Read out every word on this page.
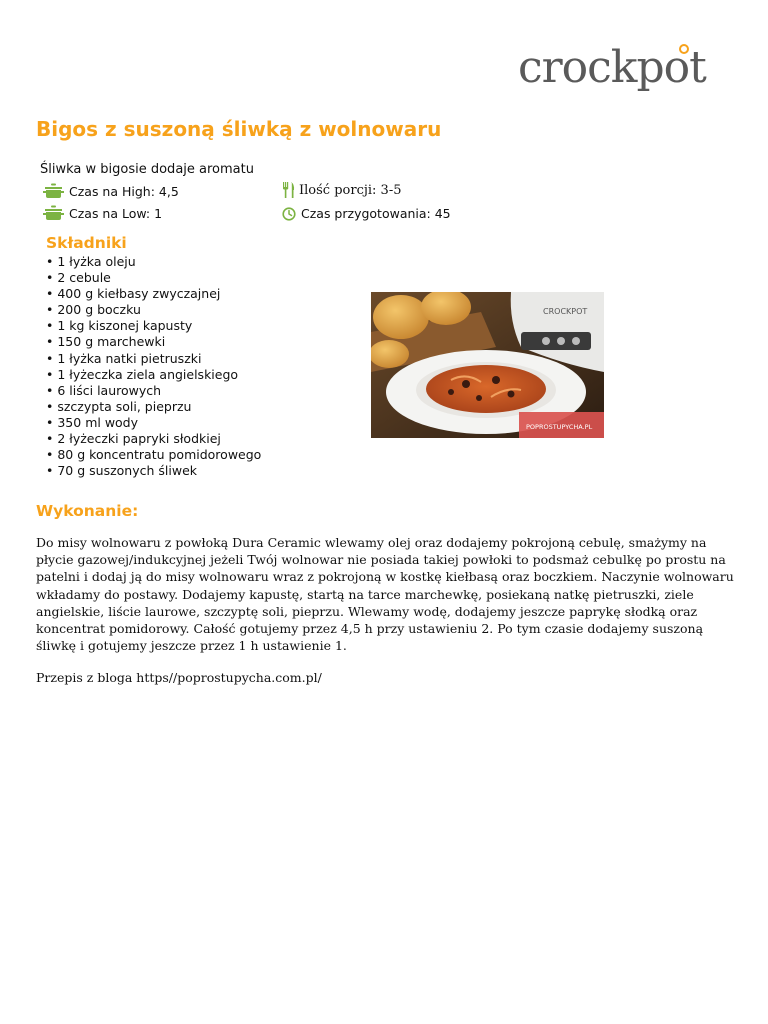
crockpot
Bigos z suszoną śliwką z wolnowaru

Śliwka w bigosie dodaje aromatu

Czas na High: 4,5
Czas na Low: 1
Ilość porcji: 3-5
Czas przygotowania: 45
Składniki
• 1 łyżka oleju
• 2 cebule
• 400 g kiełbasy zwyczajnej
• 200 g boczku
• 1 kg kiszonej kapusty
• 150 g marchewki
• 1 łyżka natki pietruszki
• 1 łyżeczka ziela angielskiego
• 6 liści laurowych
• szczypta soli, pieprzu
• 350 ml wody
• 2 łyżeczki papryki słodkiej
• 80 g koncentratu pomidorowego
• 70 g suszonych śliwek
CROCKPOT
POPROSTUPYCHA.PL
Wykonanie:

Do misy wolnowaru z powłoką Dura Ceramic wlewamy olej oraz dodajemy pokrojoną cebulę, smażymy na płycie gazowej/indukcyjnej jeżeli Twój wolnowar nie posiada takiej powłoki to podsmaż cebulkę po prostu na patelni i dodaj ją do misy wolnowaru wraz z pokrojoną w kostkę kiełbasą oraz boczkiem. Naczynie wolnowaru wkładamy do postawy. Dodajemy kapustę, startą na tarce marchewkę, posiekaną natkę pietruszki, ziele angielskie, liście laurowe, szczyptę soli, pieprzu. Wlewamy wodę, dodajemy jeszcze paprykę słodką oraz koncentrat pomidorowy. Całość gotujemy przez 4,5 h przy ustawieniu 2. Po tym czasie dodajemy suszoną śliwkę i gotujemy jeszcze przez 1 h ustawienie 1.

Przepis z bloga https//poprostupycha.com.pl/
